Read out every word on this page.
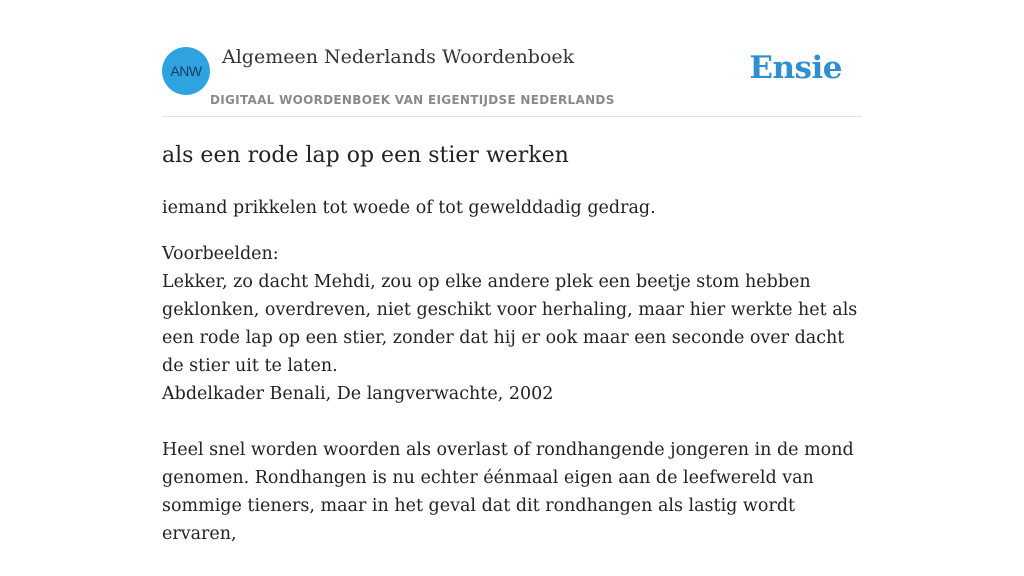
ANW
Algemeen Nederlands Woordenboek
DIGITAAL WOORDENBOEK VAN EIGENTIJDSE NEDERLANDS
Ensie
als een rode lap op een stier werken

iemand prikkelen tot woede of tot gewelddadig gedrag.

Voorbeelden:

Lekker, zo dacht Mehdi, zou op elke andere plek een beetje stom hebben geklonken, overdreven, niet geschikt voor herhaling, maar hier werkte het als een rode lap op een stier, zonder dat hij er ook maar een seconde over dacht de stier uit te laten.

Abdelkader Benali, De langverwachte, 2002

Heel snel worden woorden als overlast of rondhangende jongeren in de mond genomen. Rondhangen is nu echter éénmaal eigen aan de leefwereld van sommige tieners, maar in het geval dat dit rondhangen als lastig wordt ervaren,
